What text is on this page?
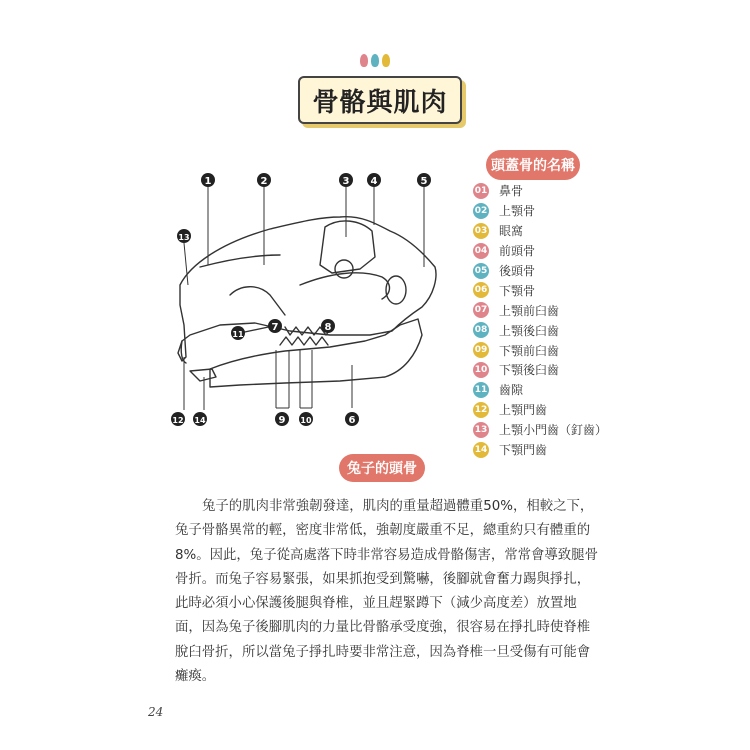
骨骼與肌肉
1	2	3 4	5
13
11
7	8
12 14	9 10	6
頭蓋骨的名稱
01 鼻骨
02 上顎骨
03 眼窩
04 前頭骨
05 後頭骨
06 下顎骨
07 上顎前臼齒
08 上顎後臼齒
09 下顎前臼齒
10 下顎後臼齒
11 齒隙
12 上顎門齒
13 上顎小門齒（釘齒）
14 下顎門齒
兔子的頭骨
兔子的肌肉非常強韌發達，肌肉的重量超過體重50%，相較之下，
兔子骨骼異常的輕，密度非常低，強韌度嚴重不足，總重約只有體重的
8%。因此，兔子從高處落下時非常容易造成骨骼傷害，常常會導致腿骨
骨折。而兔子容易緊張，如果抓抱受到驚嚇，後腳就會奮力踢與掙扎，
此時必須小心保護後腿與脊椎，並且趕緊蹲下（減少高度差）放置地
面，因為兔子後腳肌肉的力量比骨骼承受度強，很容易在掙扎時使脊椎
脫臼骨折，所以當兔子掙扎時要非常注意，因為脊椎一旦受傷有可能會
癱瘓。
24
